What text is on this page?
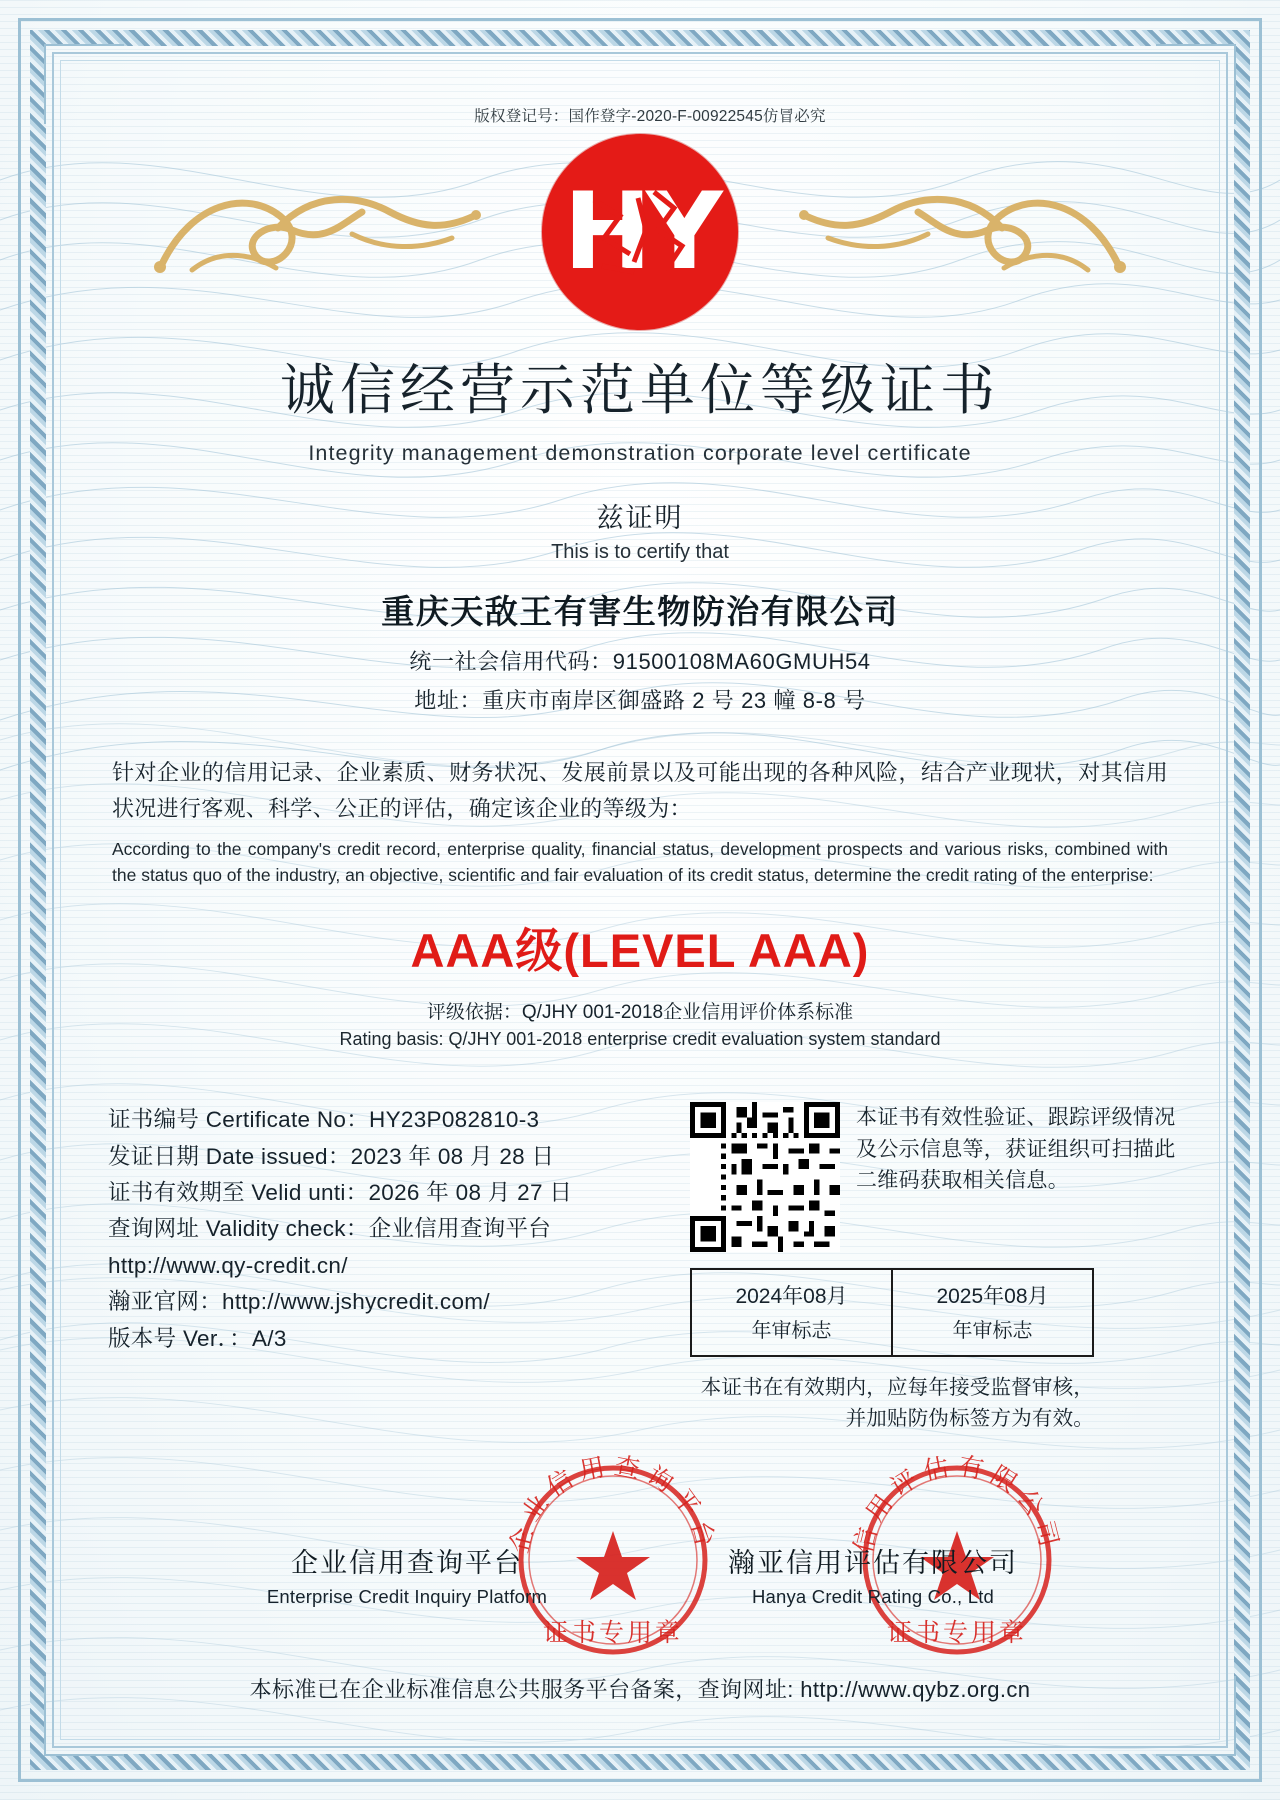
版权登记号：国作登字-2020-F-00922545仿冒必究
HY
诚信经营示范单位等级证书
Integrity management demonstration corporate level certificate
兹证明
This is to certify that
重庆天敌王有害生物防治有限公司
统一社会信用代码：91500108MA60GMUH54
地址：重庆市南岸区御盛路 2 号 23 幢 8-8 号
针对企业的信用记录、企业素质、财务状况、发展前景以及可能出现的各种风险，结合产业现状，对其信用状况进行客观、科学、公正的评估，确定该企业的等级为：
According to the company's credit record, enterprise quality, financial status, development prospects and various risks, combined with the status quo of the industry, an objective, scientific and fair evaluation of its credit status, determine the credit rating of the enterprise:
AAA级(LEVEL AAA)
评级依据：Q/JHY 001-2018企业信用评价体系标准
Rating basis: Q/JHY 001-2018 enterprise credit evaluation system standard
证书编号 Certificate No：HY23P082810-3
发证日期 Date issued：2023 年 08 月 28 日
证书有效期至 Velid unti：2026 年 08 月 27 日
查询网址 Validity check：企业信用查询平台
http://www.qy-credit.cn/
瀚亚官网：http://www.jshycredit.com/
版本号 Ver．：A/3
本证书有效性验证、跟踪评级情况及公示信息等，获证组织可扫描此二维码获取相关信息。
2024年08月
年审标志
2025年08月
年审标志
本证书在有效期内，应每年接受监督审核，并加贴防伪标签方为有效。
企业信用查询平台
证书专用章
信用评估有限公司
证书专用章
企业信用查询平台
Enterprise Credit Inquiry Platform
瀚亚信用评估有限公司
Hanya Credit Rating Co., Ltd
本标准已在企业标准信息公共服务平台备案，查询网址: http://www.qybz.org.cn
